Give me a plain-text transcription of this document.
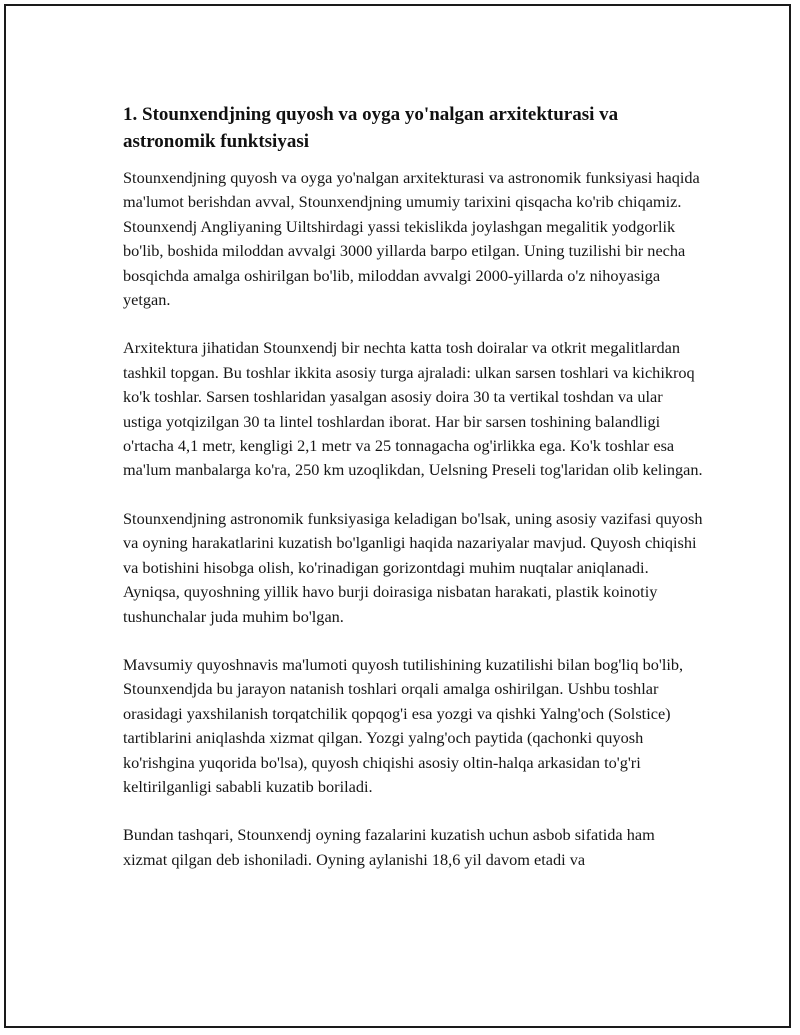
1. Stounxendjning quyosh va oyga yo'nalgan arxitekturasi va astronomik funktsiyasi

Stounxendjning quyosh va oyga yo'nalgan arxitekturasi va astronomik funksiyasi haqida ma'lumot berishdan avval, Stounxendjning umumiy tarixini qisqacha ko'rib chiqamiz. Stounxendj Angliyaning Uiltshirdagi yassi tekislikda joylashgan megalitik yodgorlik bo'lib, boshida miloddan avvalgi 3000 yillarda barpo etilgan. Uning tuzilishi bir necha bosqichda amalga oshirilgan bo'lib, miloddan avvalgi 2000-yillarda o'z nihoyasiga yetgan.

Arxitektura jihatidan Stounxendj bir nechta katta tosh doiralar va otkrit megalitlardan tashkil topgan. Bu toshlar ikkita asosiy turga ajraladi: ulkan sarsen toshlari va kichikroq ko'k toshlar. Sarsen toshlaridan yasalgan asosiy doira 30 ta vertikal toshdan va ular ustiga yotqizilgan 30 ta lintel toshlardan iborat. Har bir sarsen toshining balandligi o'rtacha 4,1 metr, kengligi 2,1 metr va 25 tonnagacha og'irlikka ega. Ko'k toshlar esa ma'lum manbalarga ko'ra, 250 km uzoqlikdan, Uelsning Preseli tog'laridan olib kelingan.

Stounxendjning astronomik funksiyasiga keladigan bo'lsak, uning asosiy vazifasi quyosh va oyning harakatlarini kuzatish bo'lganligi haqida nazariyalar mavjud. Quyosh chiqishi va botishini hisobga olish, ko'rinadigan gorizontdagi muhim nuqtalar aniqlanadi. Ayniqsa, quyoshning yillik havo burji doirasiga nisbatan harakati, plastik koinotiy tushunchalar juda muhim bo'lgan.

Mavsumiy quyoshnavis ma'lumoti quyosh tutilishining kuzatilishi bilan bog'liq bo'lib, Stounxendjda bu jarayon natanish toshlari orqali amalga oshirilgan. Ushbu toshlar orasidagi yaxshilanish torqatchilik qopqog'i esa yozgi va qishki Yalng'och (Solstice) tartiblarini aniqlashda xizmat qilgan. Yozgi yalng'och paytida (qachonki quyosh ko'rishgina yuqorida bo'lsa), quyosh chiqishi asosiy oltin-halqa arkasidan to'g'ri keltirilganligi sababli kuzatib boriladi.

Bundan tashqari, Stounxendj oyning fazalarini kuzatish uchun asbob sifatida ham xizmat qilgan deb ishoniladi. Oyning aylanishi 18,6 yil davom etadi va
